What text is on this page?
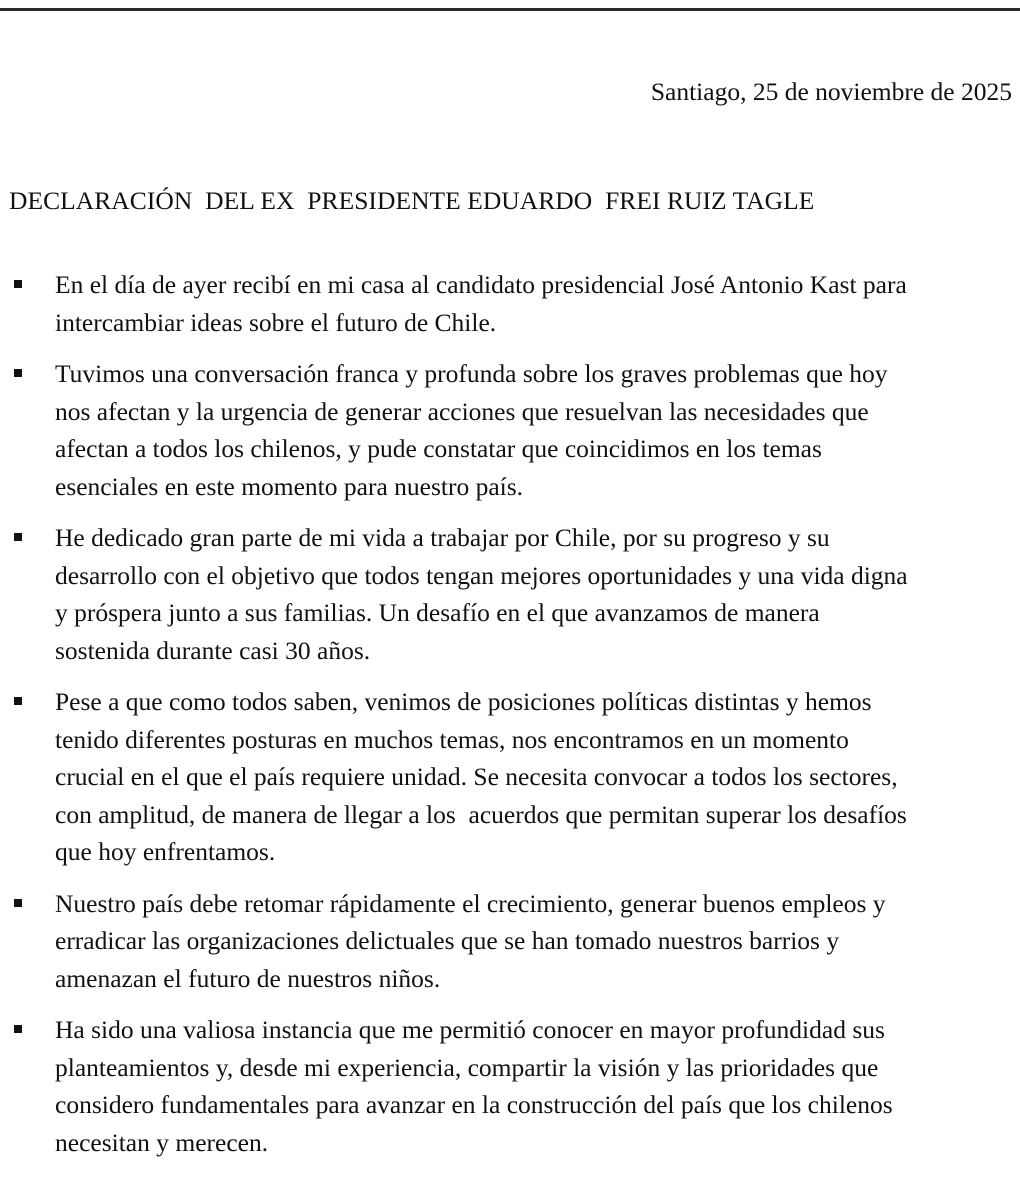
Santiago, 25 de noviembre de 2025
DECLARACIÓN  DEL EX  PRESIDENTE EDUARDO  FREI RUIZ TAGLE
En el día de ayer recibí en mi casa al candidato presidencial José Antonio Kast para
intercambiar ideas sobre el futuro de Chile.
Tuvimos una conversación franca y profunda sobre los graves problemas que hoy
nos afectan y la urgencia de generar acciones que resuelvan las necesidades que
afectan a todos los chilenos, y pude constatar que coincidimos en los temas
esenciales en este momento para nuestro país.
He dedicado gran parte de mi vida a trabajar por Chile, por su progreso y su
desarrollo con el objetivo que todos tengan mejores oportunidades y una vida digna
y próspera junto a sus familias. Un desafío en el que avanzamos de manera
sostenida durante casi 30 años.
Pese a que como todos saben, venimos de posiciones políticas distintas y hemos
tenido diferentes posturas en muchos temas, nos encontramos en un momento
crucial en el que el país requiere unidad. Se necesita convocar a todos los sectores,
con amplitud, de manera de llegar a los  acuerdos que permitan superar los desafíos
que hoy enfrentamos.
Nuestro país debe retomar rápidamente el crecimiento, generar buenos empleos y
erradicar las organizaciones delictuales que se han tomado nuestros barrios y
amenazan el futuro de nuestros niños.
Ha sido una valiosa instancia que me permitió conocer en mayor profundidad sus
planteamientos y, desde mi experiencia, compartir la visión y las prioridades que
considero fundamentales para avanzar en la construcción del país que los chilenos
necesitan y merecen.
